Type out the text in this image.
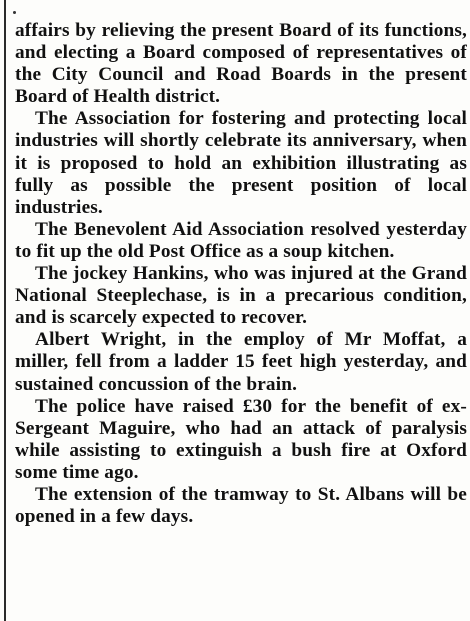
affairs by relieving the present Board of its functions, and electing a Board composed of representatives of the City Council and Road Boards in the present Board of Health district.

The Association for fostering and protecting local industries will shortly celebrate its anniversary, when it is proposed to hold an exhibition illustrating as fully as possible the present position of local industries.

The Benevolent Aid Association resolved yesterday to fit up the old Post Office as a soup kitchen.

The jockey Hankins, who was injured at the Grand National Steeplechase, is in a precarious condition, and is scarcely expected to recover.

Albert Wright, in the employ of Mr Moffat, a miller, fell from a ladder 15 feet high yesterday, and sustained concussion of the brain.

The police have raised £30 for the benefit of ex-Sergeant Maguire, who had an attack of paralysis while assisting to extinguish a bush fire at Oxford some time ago.

The extension of the tramway to St. Albans will be opened in a few days.
